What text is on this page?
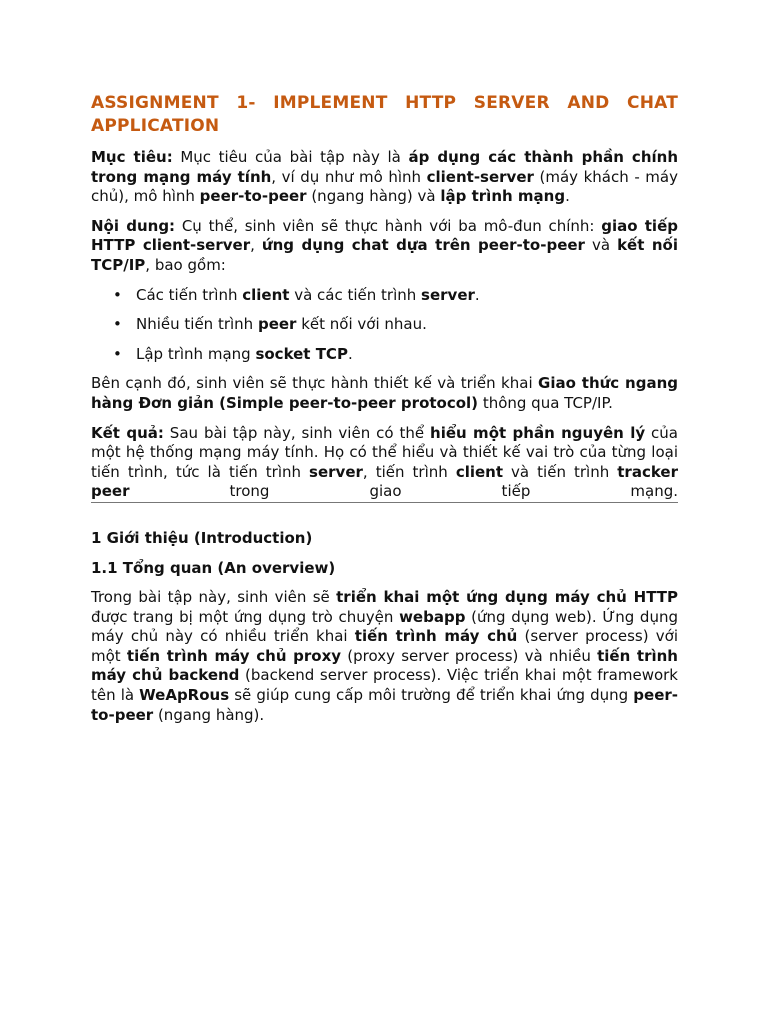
ASSIGNMENT 1- IMPLEMENT HTTP SERVER AND CHAT APPLICATION

Mục tiêu: Mục tiêu của bài tập này là áp dụng các thành phần chính trong mạng máy tính, ví dụ như mô hình client-server (máy khách - máy chủ), mô hình peer-to-peer (ngang hàng) và lập trình mạng.

Nội dung: Cụ thể, sinh viên sẽ thực hành với ba mô-đun chính: giao tiếp HTTP client-server, ứng dụng chat dựa trên peer-to-peer và kết nối TCP/IP, bao gồm:

• Các tiến trình client và các tiến trình server.
• Nhiều tiến trình peer kết nối với nhau.
• Lập trình mạng socket TCP.

Bên cạnh đó, sinh viên sẽ thực hành thiết kế và triển khai Giao thức ngang hàng Đơn giản (Simple peer-to-peer protocol) thông qua TCP/IP.

Kết quả: Sau bài tập này, sinh viên có thể hiểu một phần nguyên lý của một hệ thống mạng máy tính. Họ có thể hiểu và thiết kế vai trò của từng loại tiến trình, tức là tiến trình server, tiến trình client và tiến trình tracker peer trong giao tiếp mạng.

1 Giới thiệu (Introduction)
1.1 Tổng quan (An overview)

Trong bài tập này, sinh viên sẽ triển khai một ứng dụng máy chủ HTTP được trang bị một ứng dụng trò chuyện webapp (ứng dụng web). Ứng dụng máy chủ này có nhiều triển khai tiến trình máy chủ (server process) với một tiến trình máy chủ proxy (proxy server process) và nhiều tiến trình máy chủ backend (backend server process). Việc triển khai một framework tên là WeApRous sẽ giúp cung cấp môi trường để triển khai ứng dụng peer-to-peer (ngang hàng).
